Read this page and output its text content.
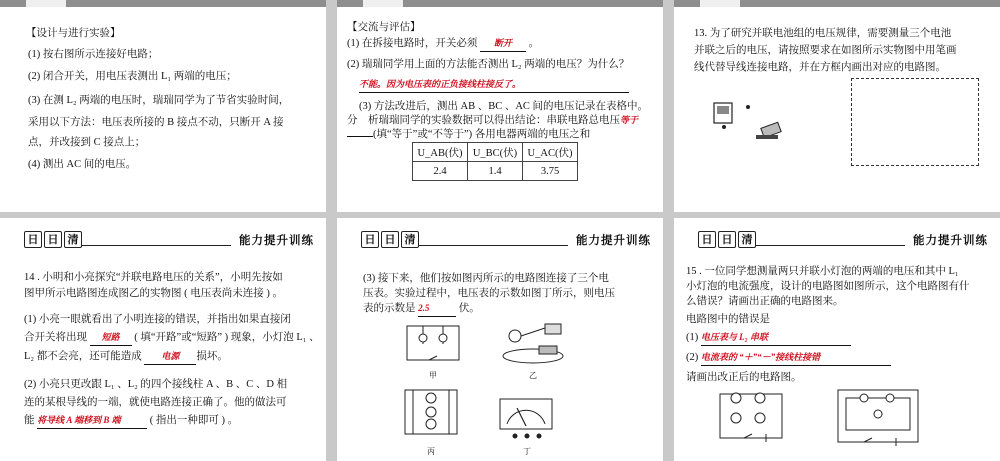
【设计与进行实验】
(1) 按右图所示连接好电路；
(2) 闭合开关，用电压表测出 L₁ 两端的电压；
(3) 在测 L₂ 两端的电压时，瑞瑞同学为了节省实验时间，
采用以下方法：电压表所接的 B 接点不动，只断开 A 接
点，并改接到 C 接点上；
(4) 测出 AC 间的电压。
【交流与评估】
(1) 在拆接电路时，开关必须 断开 。
(2) 瑞瑞同学用上面的方法能否测出 L₂ 两端的电压？为什么？
不能。因为电压表的正负接线柱接反了。
(3) 方法改进后，测出 AB 、BC 、AC 间的电压记录在表格中。
分　析瑞瑞同学的实验数据可以得出结论：串联电路总电压等于
(填“等于”或“不等于”) 各用电器两端的电压之和
U_AB(伏)	U_BC(伏)	U_AC(伏)
2.4	1.4	3.75
13. 为了研究并联电池组的电压规律，需要测量三个电池
并联之后的电压，请按照要求在如图所示实物图中用笔画
线代替导线连接电路，并在方框内画出对应的电路图。
日 日 清	能力提升训练
14 . 小明和小亮探究“并联电路电压的关系”，小明先按如
图甲所示电路图连成图乙的实物图 ( 电压表尚未连接 ) 。
(1) 小亮一眼就看出了小明连接的错误，并指出如果直接闭
合开关将出现 短路 ( 填“开路”或“短路” ) 现象，小灯泡 L₁ 、
L₂ 都不会亮，还可能造成 电源 损坏。
(2) 小亮只更改跟 L₁ 、L₂ 的四个接线柱 A 、B 、C 、D 相
连的某根导线的一端，就使电路连接正确了。他的做法可
能 将导线 A 端移到 B 端	( 指出一种即可 ) 。
日 日 清	能力提升训练
(3) 接下来，他们按如图丙所示的电路图连接了三个电
压表。实验过程中，电压表的示数如图丁所示，则电压
表的示数是 2.5	伏。
甲	乙
丙	丁
日 日 清	能力提升训练
15 . 一位同学想测量两只并联小灯泡的两端的电压和其中 L₁
小灯泡的电流强度，设计的电路图如图所示，这个电路图有什
么错误？请画出正确的电路图来。
电路图中的错误是
(1) 电压表与 L₂ 串联
(2) 电流表的 “＋”“－”接线柱接错
请画出改正后的电路图。
